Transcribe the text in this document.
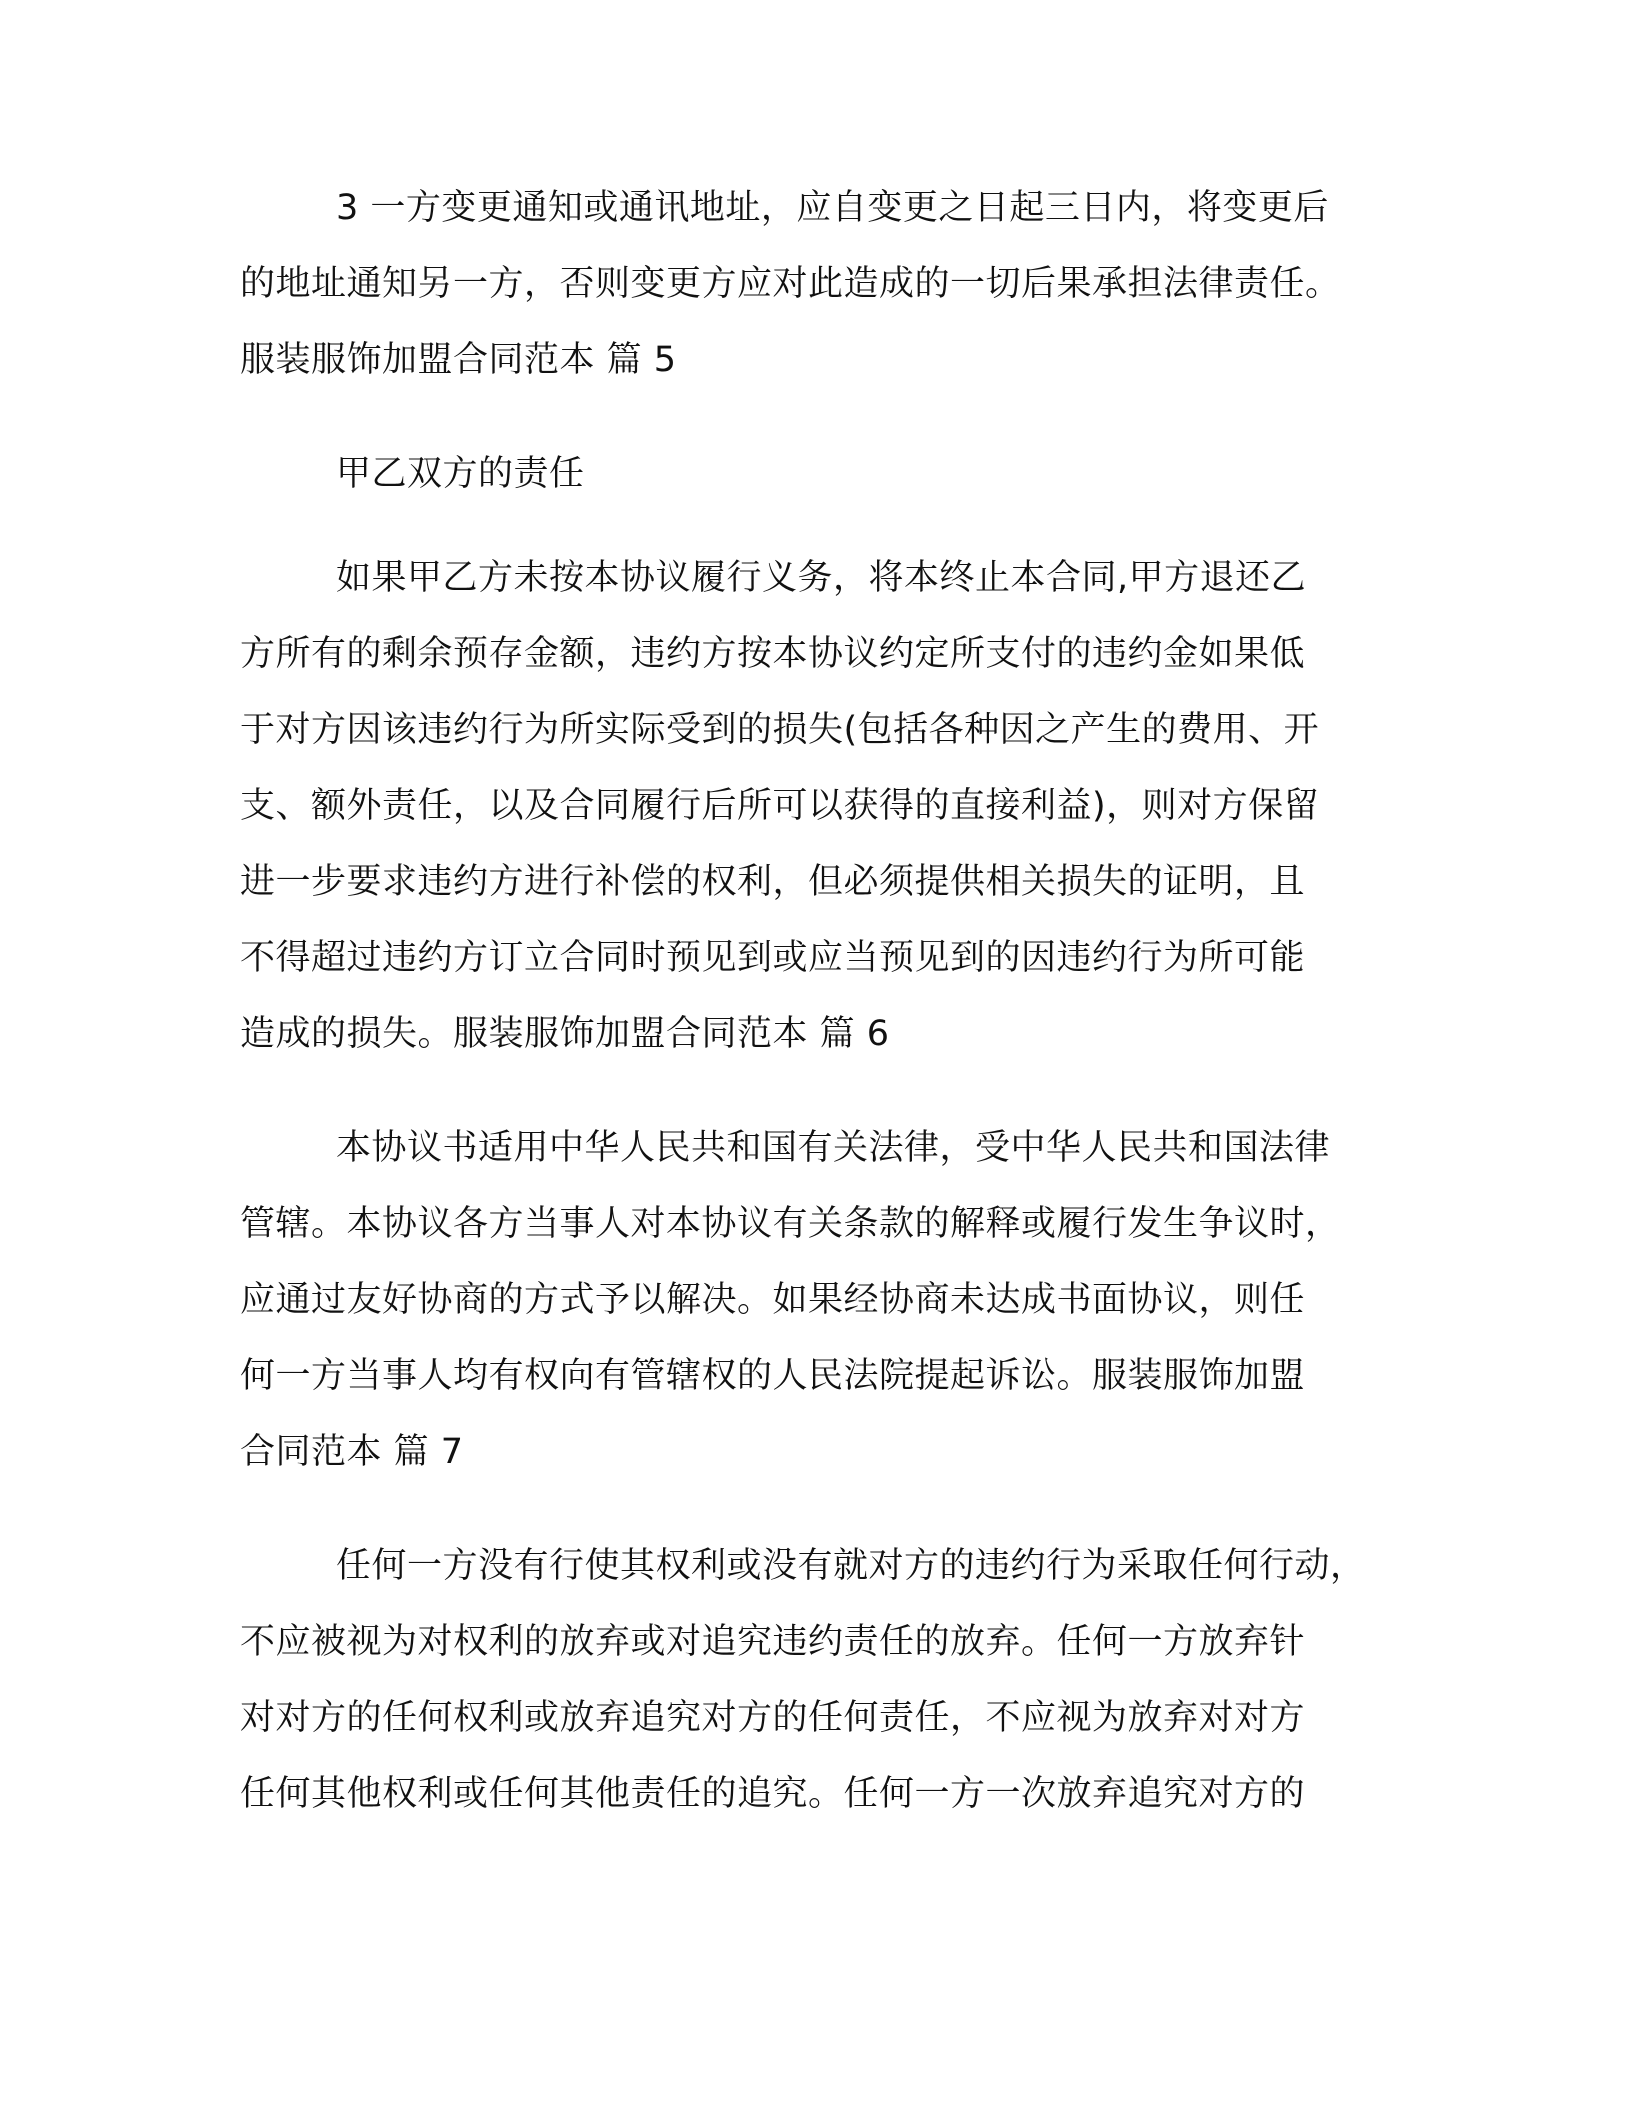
3 一方变更通知或通讯地址，应自变更之日起三日内，将变更后
的地址通知另一方，否则变更方应对此造成的一切后果承担法律责任。
服装服饰加盟合同范本 篇 5
甲乙双方的责任
如果甲乙方未按本协议履行义务，将本终止本合同,甲方退还乙
方所有的剩余预存金额，违约方按本协议约定所支付的违约金如果低
于对方因该违约行为所实际受到的损失(包括各种因之产生的费用、开
支、额外责任，以及合同履行后所可以获得的直接利益)，则对方保留
进一步要求违约方进行补偿的权利，但必须提供相关损失的证明，且
不得超过违约方订立合同时预见到或应当预见到的因违约行为所可能
造成的损失。服装服饰加盟合同范本 篇 6
本协议书适用中华人民共和国有关法律，受中华人民共和国法律
管辖。本协议各方当事人对本协议有关条款的解释或履行发生争议时，
应通过友好协商的方式予以解决。如果经协商未达成书面协议，则任
何一方当事人均有权向有管辖权的人民法院提起诉讼。服装服饰加盟
合同范本 篇 7
任何一方没有行使其权利或没有就对方的违约行为采取任何行动，
不应被视为对权利的放弃或对追究违约责任的放弃。任何一方放弃针
对对方的任何权利或放弃追究对方的任何责任，不应视为放弃对对方
任何其他权利或任何其他责任的追究。任何一方一次放弃追究对方的
